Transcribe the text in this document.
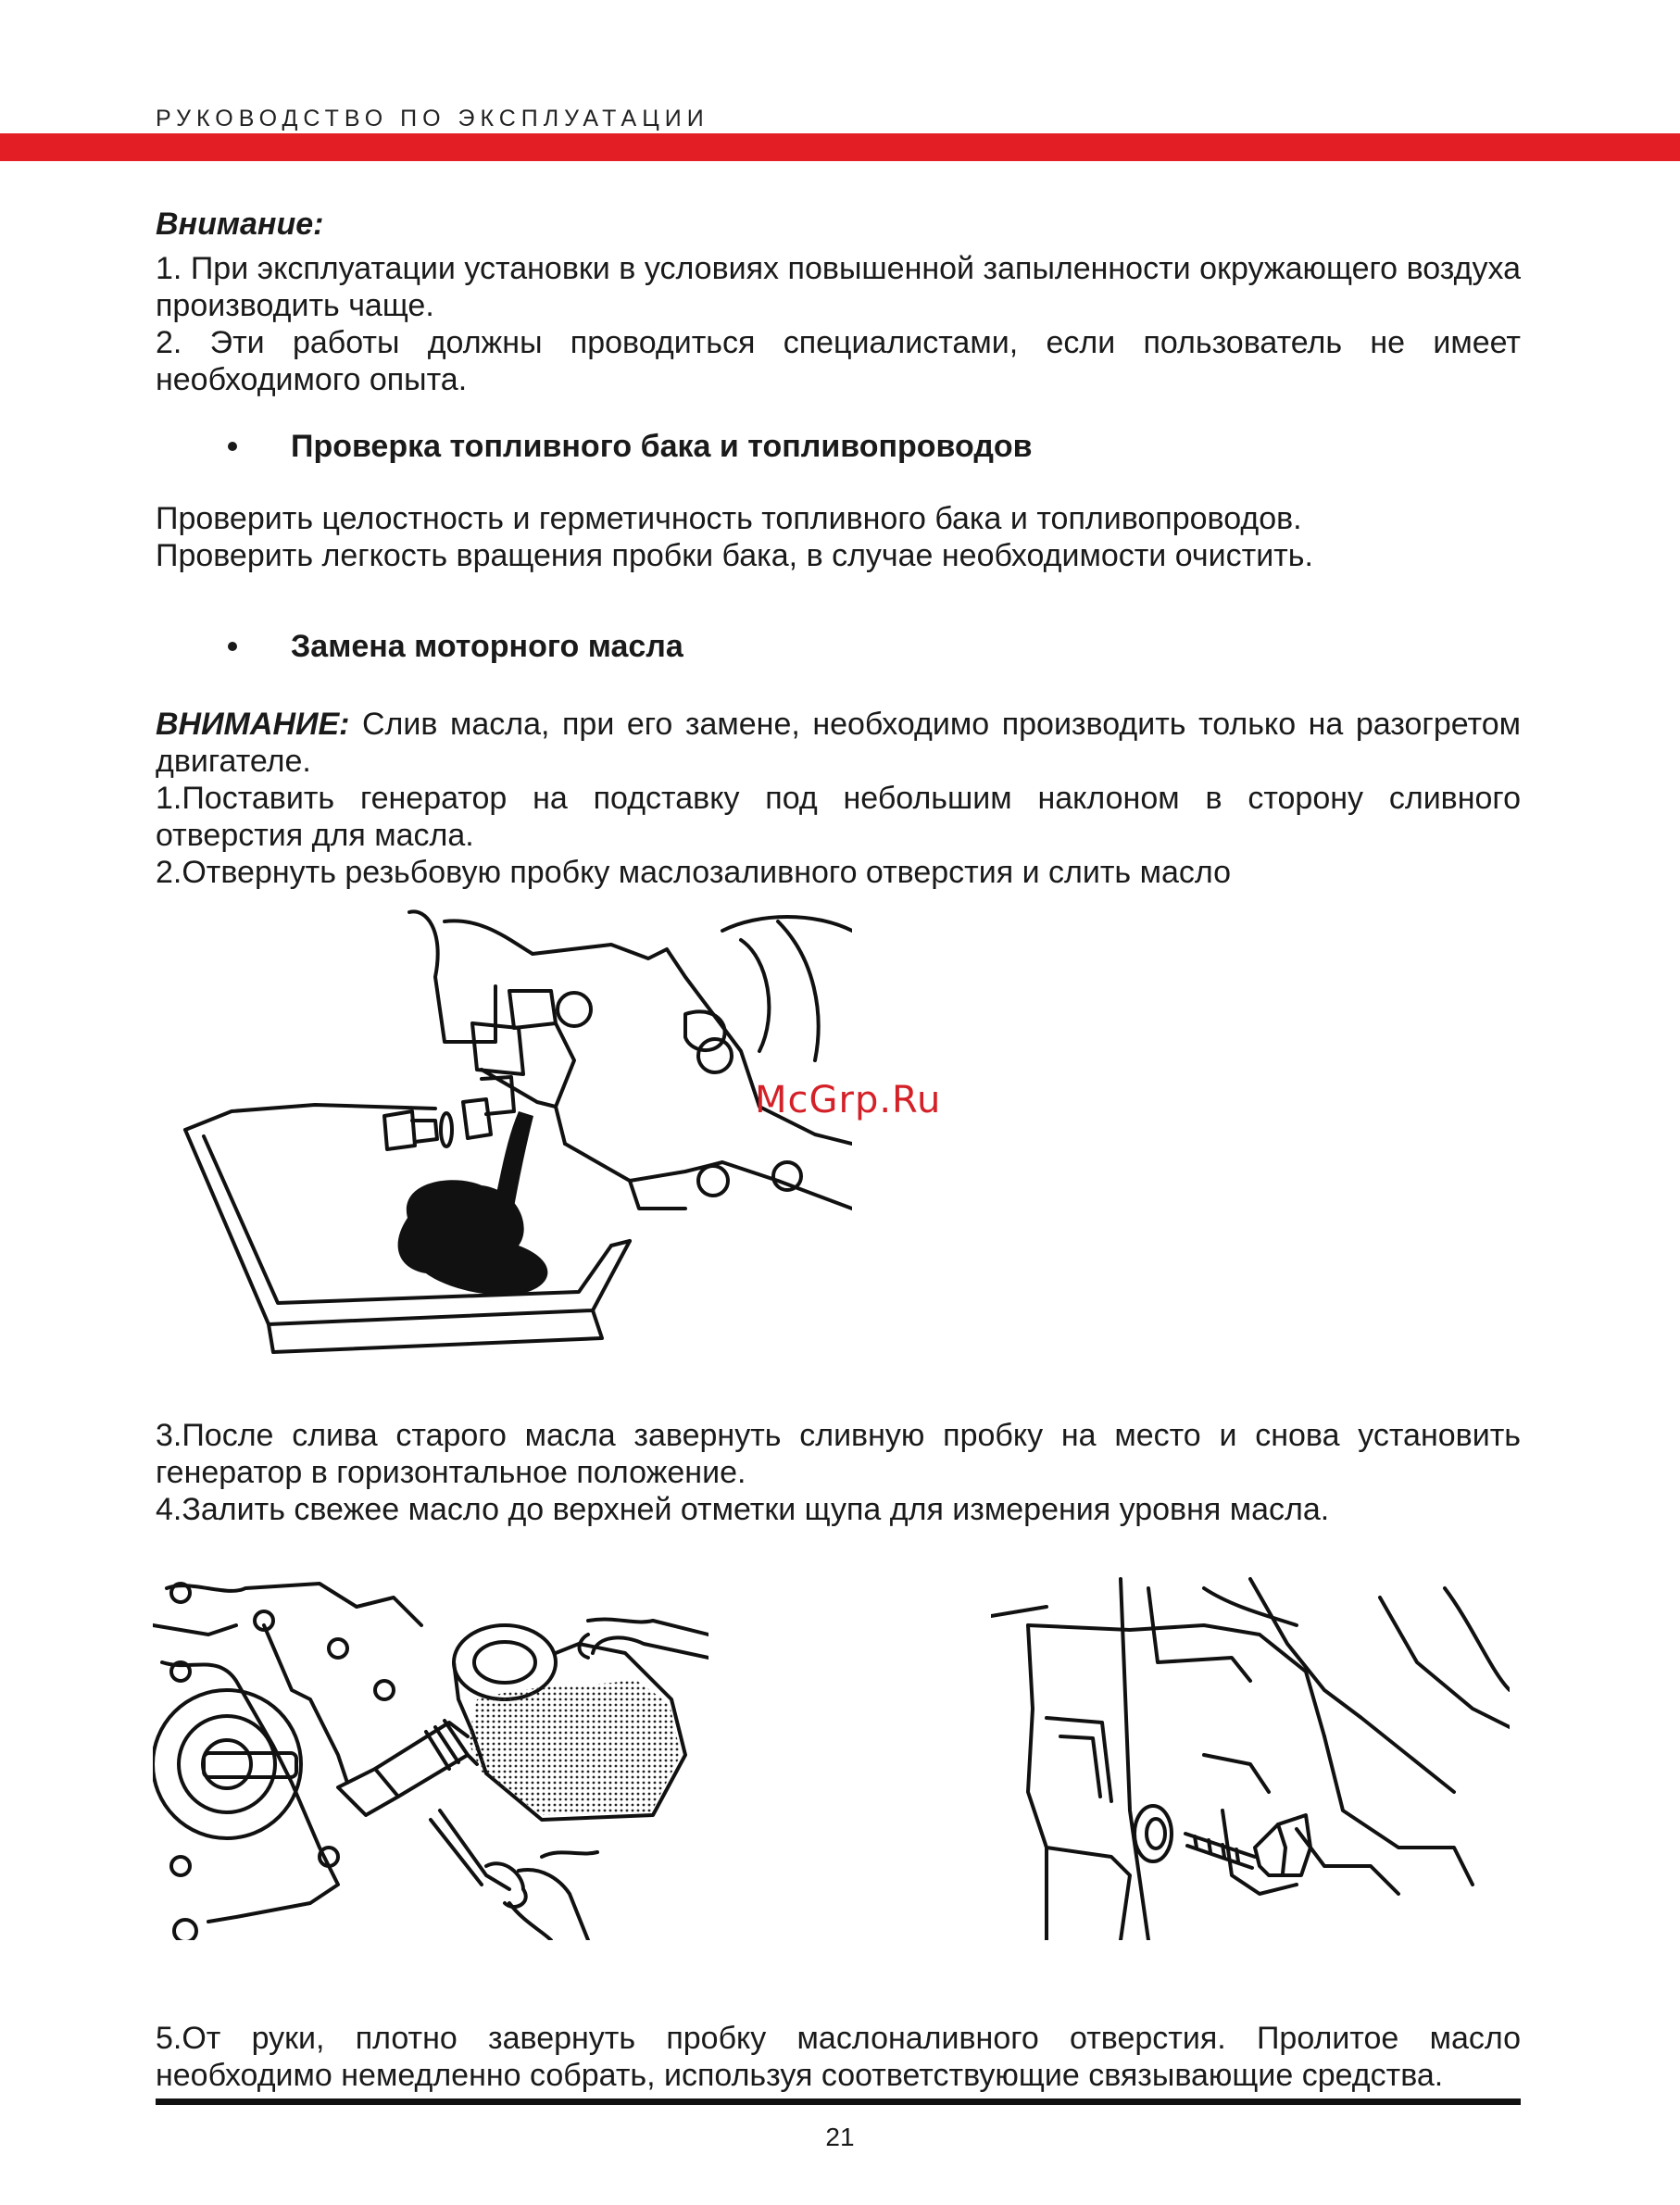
РУКОВОДСТВО ПО ЭКСПЛУАТАЦИИ

Внимание:

1. При эксплуатации установки в условиях повышенной запыленности окружающего воздуха производить чаще.

2. Эти работы должны проводиться специалистами, если пользователь не имеет необходимого опыта.

Проверка топливного бака и топливопроводов

Проверить целостность и герметичность топливного бака и топливопроводов.

Проверить легкость вращения пробки бака, в случае необходимости очистить.

Замена моторного масла

ВНИМАНИЕ: Слив масла, при его замене, необходимо производить только на разогретом двигателе.

1.Поставить генератор на подставку под небольшим наклоном в сторону сливного отверстия для масла.

2.Отвернуть резьбовую пробку маслозаливного отверстия и слить масло

McGrp.Ru

3.После слива старого масла завернуть сливную пробку на место и снова установить генератор в горизонтальное положение.

4.Залить свежее масло до верхней отметки щупа для измерения уровня масла.

5.От руки, плотно завернуть пробку маслоналивного отверстия. Пролитое масло необходимо немедленно собрать, используя соответствующие связывающие средства.

21
